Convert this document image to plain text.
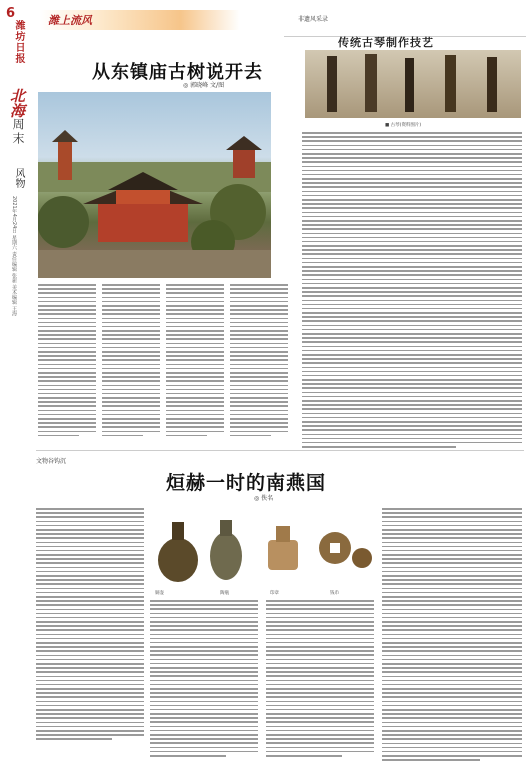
6
潍坊日报
北海
周末
风物
2021年4月24日 星期六 责任编辑 张新 美术编辑 王海
潍上流风
从东镇庙古树说开去
◎ 郭晓峰 文/图
非遗风采录
传统古琴制作技艺
■ 古琴(资料图片)
文物谷钩沉
烜赫一时的南燕国
◎ 佚名
铜壶	陶瓶	印章	钱币
